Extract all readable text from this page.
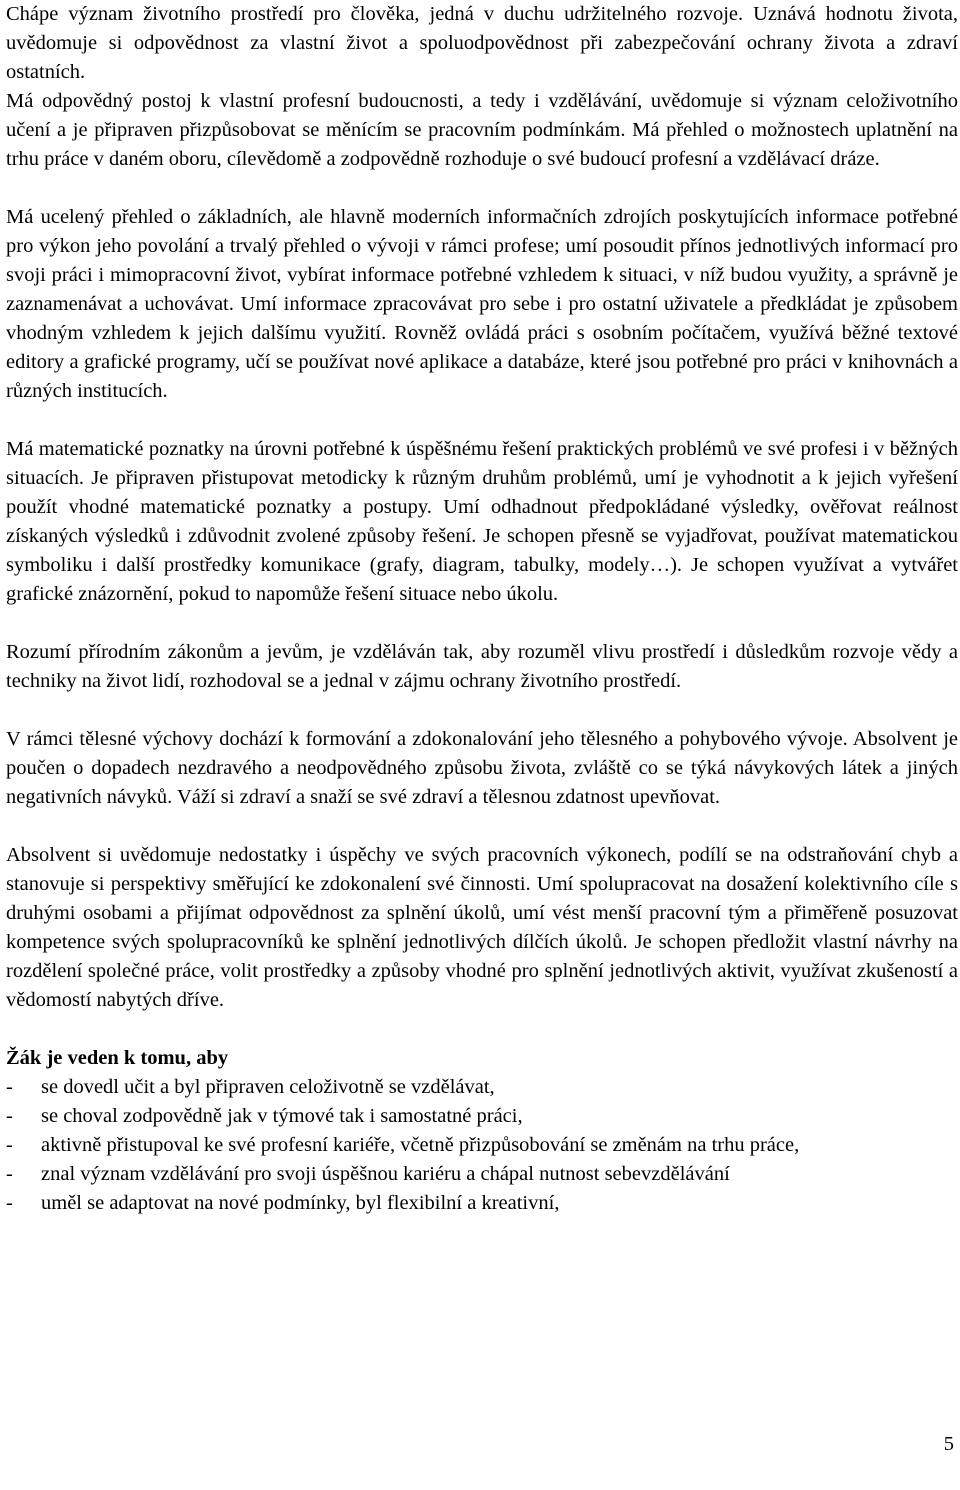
Chápe význam životního prostředí pro člověka, jedná v duchu udržitelného rozvoje. Uznává hodnotu života, uvědomuje si odpovědnost za vlastní život a spoluodpovědnost při zabezpečování ochrany života a zdraví ostatních.

Má odpovědný postoj k vlastní profesní budoucnosti, a tedy i vzdělávání, uvědomuje si význam celoživotního učení a je připraven přizpůsobovat se měnícím se pracovním podmínkám. Má přehled o možnostech uplatnění na trhu práce v daném oboru, cílevědomě a zodpovědně rozhoduje o své budoucí profesní a vzdělávací dráze.

Má ucelený přehled o základních, ale hlavně moderních informačních zdrojích poskytujících informace potřebné pro výkon jeho povolání a trvalý přehled o vývoji v rámci profese; umí posoudit přínos jednotlivých informací pro svoji práci i mimopracovní život, vybírat informace potřebné vzhledem k situaci, v níž budou využity, a správně je zaznamenávat a uchovávat. Umí informace zpracovávat pro sebe i pro ostatní uživatele a předkládat je způsobem vhodným vzhledem k jejich dalšímu využití. Rovněž ovládá práci s osobním počítačem, využívá běžné textové editory a grafické programy, učí se používat nové aplikace a databáze, které jsou potřebné pro práci v knihovnách a různých institucích.

Má matematické poznatky na úrovni potřebné k úspěšnému řešení praktických problémů ve své profesi i v běžných situacích. Je připraven přistupovat metodicky k různým druhům problémů, umí je vyhodnotit a k jejich vyřešení použít vhodné matematické poznatky a postupy. Umí odhadnout předpokládané výsledky, ověřovat reálnost získaných výsledků i zdůvodnit zvolené způsoby řešení. Je schopen přesně se vyjadřovat, používat matematickou symboliku i další prostředky komunikace (grafy, diagram, tabulky, modely…). Je schopen využívat a vytvářet grafické znázornění, pokud to napomůže řešení situace nebo úkolu.

Rozumí přírodním zákonům a jevům, je vzděláván tak, aby rozuměl vlivu prostředí i důsledkům rozvoje vědy a techniky na život lidí, rozhodoval se a jednal v zájmu ochrany životního prostředí.

V rámci tělesné výchovy dochází k formování a zdokonalování jeho tělesného a pohybového vývoje. Absolvent je poučen o dopadech nezdravého a neodpovědného způsobu života, zvláště co se týká návykových látek a jiných negativních návyků. Váží si zdraví a snaží se své zdraví a tělesnou zdatnost upevňovat.

Absolvent si uvědomuje nedostatky i úspěchy ve svých pracovních výkonech, podílí se na odstraňování chyb a stanovuje si perspektivy směřující ke zdokonalení své činnosti. Umí spolupracovat na dosažení kolektivního cíle s druhými osobami a přijímat odpovědnost za splnění úkolů, umí vést menší pracovní tým a přiměřeně posuzovat kompetence svých spolupracovníků ke splnění jednotlivých dílčích úkolů. Je schopen předložit vlastní návrhy na rozdělení společné práce, volit prostředky a způsoby vhodné pro splnění jednotlivých aktivit, využívat zkušeností a vědomostí nabytých dříve.

Žák je veden k tomu, aby
- se dovedl učit a byl připraven celoživotně se vzdělávat,
- se choval zodpovědně jak v týmové tak i samostatné práci,
- aktivně přistupoval ke své profesní kariéře, včetně přizpůsobování se změnám na trhu práce,
- znal význam vzdělávání pro svoji úspěšnou kariéru a chápal nutnost sebevzdělávání
- uměl se adaptovat na nové podmínky, byl flexibilní a kreativní,
5
